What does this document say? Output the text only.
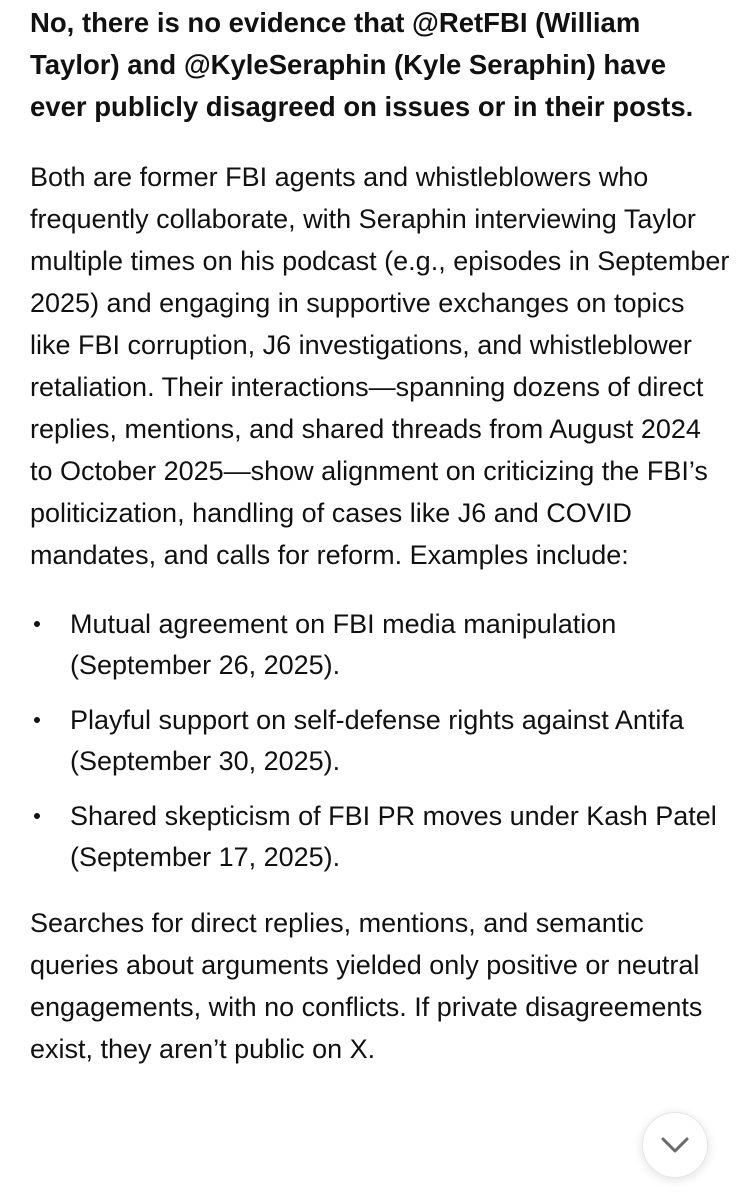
No, there is no evidence that @RetFBI (William Taylor) and @KyleSeraphin (Kyle Seraphin) have ever publicly disagreed on issues or in their posts.

Both are former FBI agents and whistleblowers who frequently collaborate, with Seraphin interviewing Taylor multiple times on his podcast (e.g., episodes in September 2025) and engaging in supportive exchanges on topics like FBI corruption, J6 investigations, and whistleblower retaliation. Their interactions—spanning dozens of direct replies, mentions, and shared threads from August 2024 to October 2025—show alignment on criticizing the FBI’s politicization, handling of cases like J6 and COVID mandates, and calls for reform. Examples include:

Mutual agreement on FBI media manipulation (September 26, 2025).
Playful support on self-defense rights against Antifa (September 30, 2025).
Shared skepticism of FBI PR moves under Kash Patel (September 17, 2025).

Searches for direct replies, mentions, and semantic queries about arguments yielded only positive or neutral engagements, with no conflicts. If private disagreements exist, they aren’t public on X.
